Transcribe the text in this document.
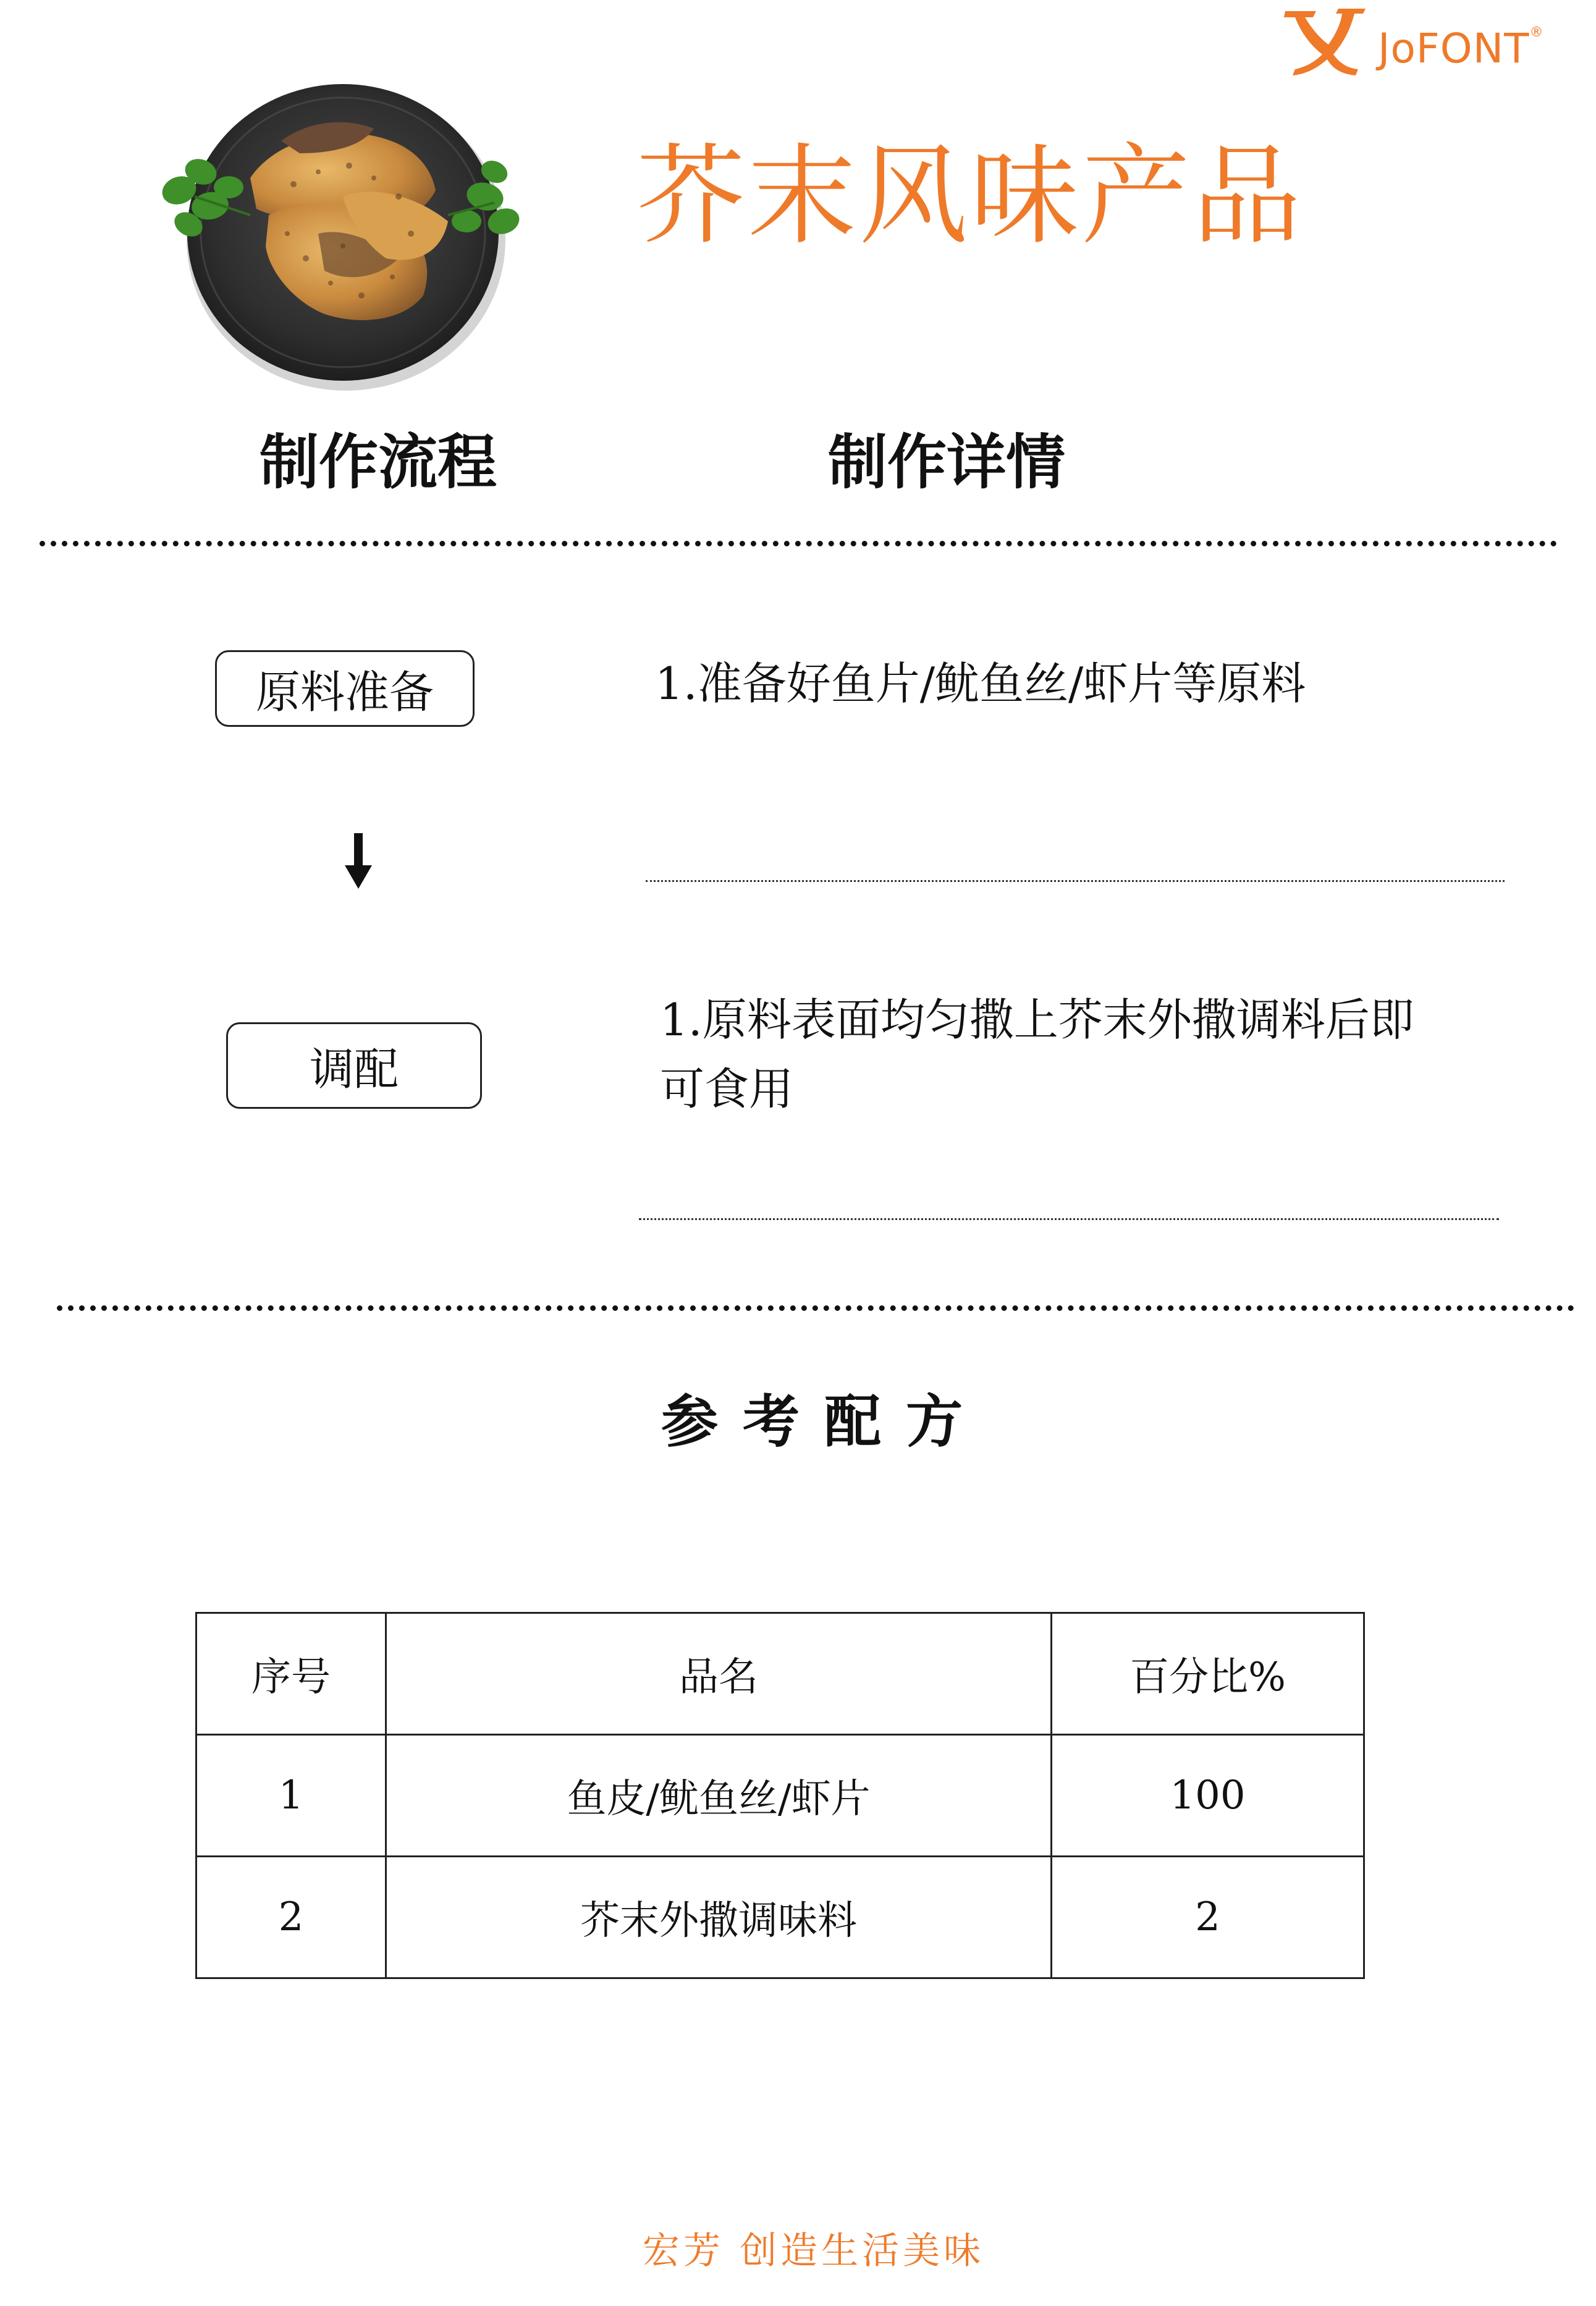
JoFONT®
芥末风味产品
制作流程	制作详情
原料准备	1.准备好鱼片/鱿鱼丝/虾片等原料
调配
1.原料表面均匀撒上芥末外撒调料后即
可食用
参考配方
序号	品名	百分比%
1	鱼皮/鱿鱼丝/虾片	100
2	芥末外撒调味料	2
宏芳 创造生活美味
